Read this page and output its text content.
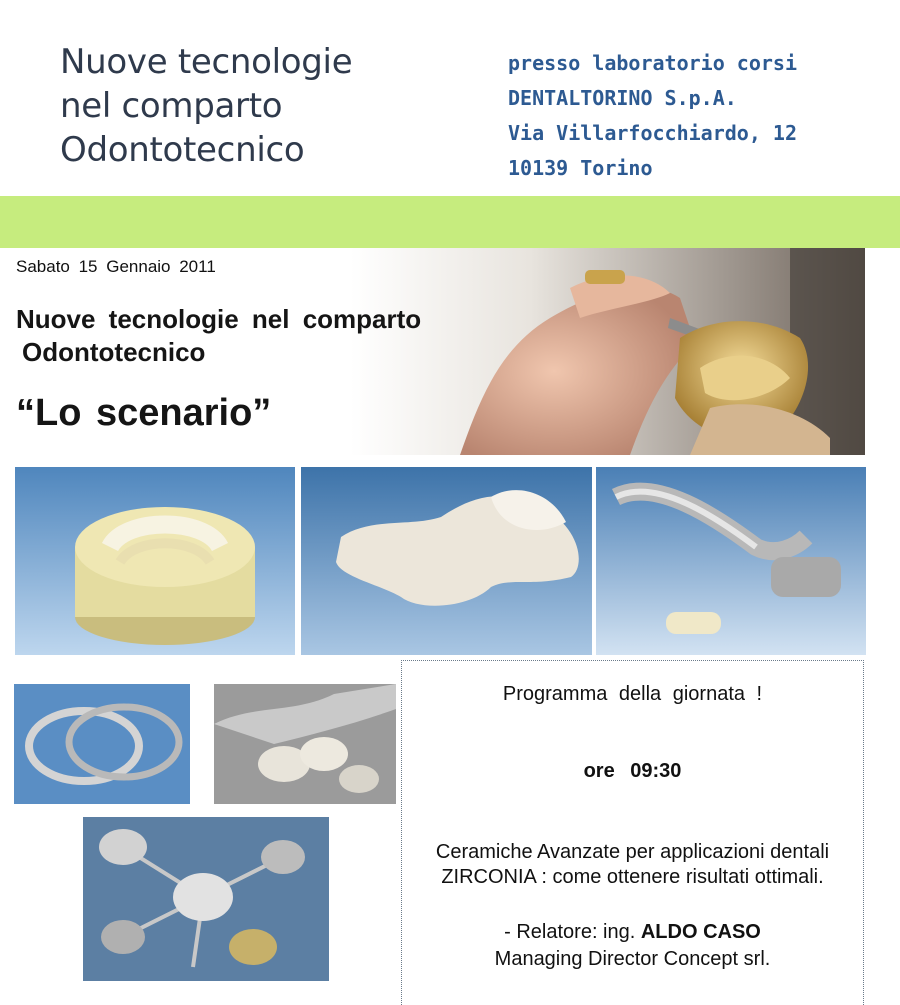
Nuove tecnologie
nel comparto
Odontotecnico
presso laboratorio corsi
DENTALTORINO S.p.A.
Via Villarfocchiardo, 12
10139 Torino
Sabato 15 Gennaio 2011
Nuove tecnologie nel comparto
Odontotecnico
“Lo scenario”
Programma della giornata !
ore 09:30
Ceramiche Avanzate per applicazioni dentali
ZIRCONIA : come ottenere risultati ottimali.
- Relatore: ing. ALDO CASO
Managing Director Concept srl.
